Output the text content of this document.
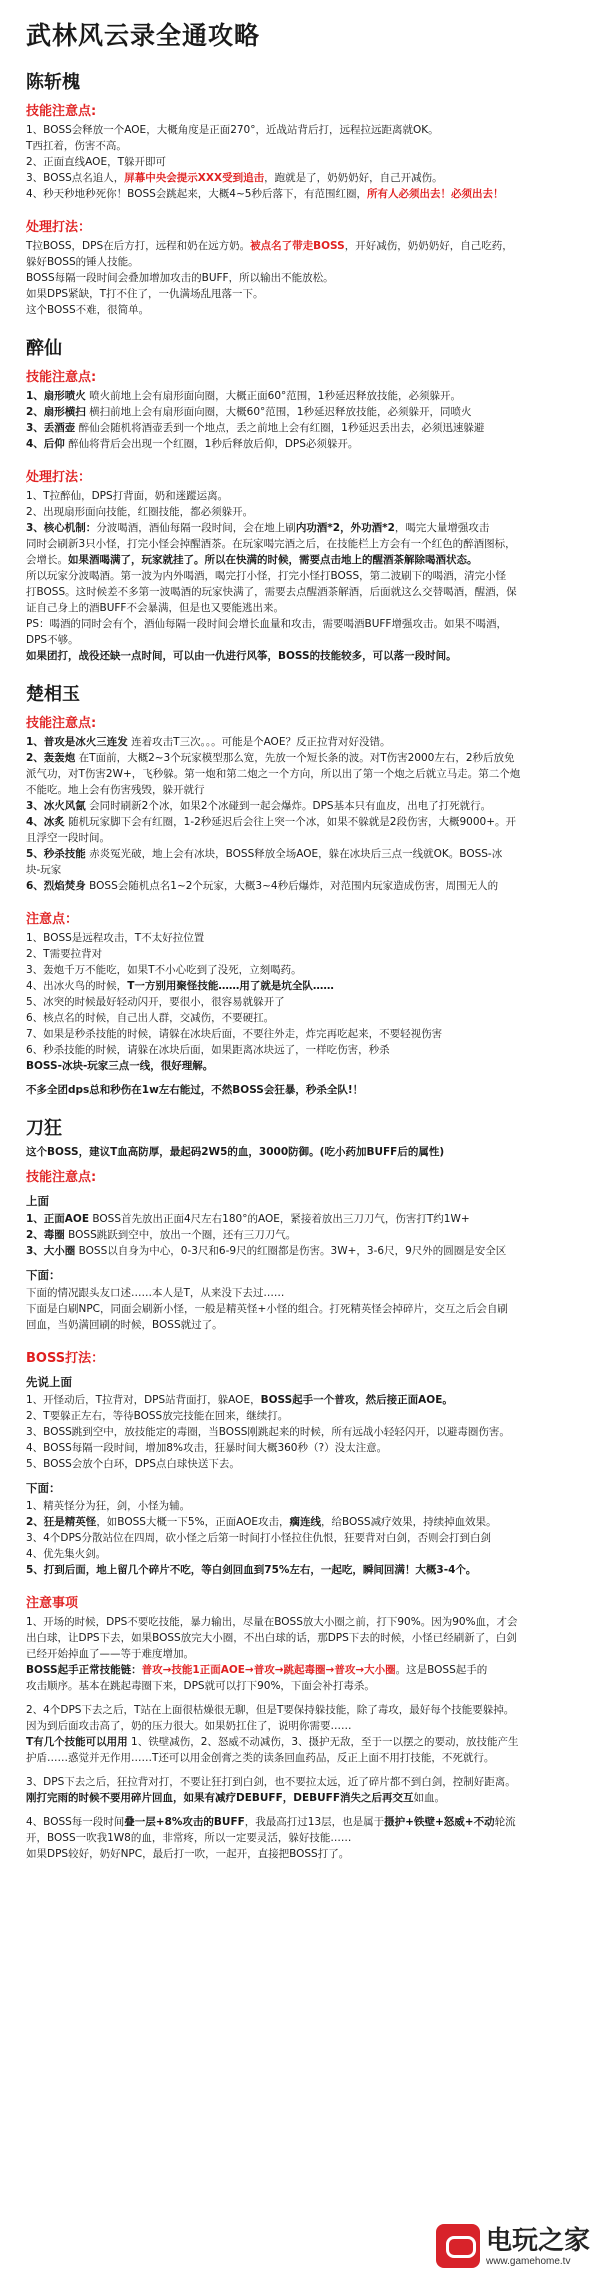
武林风云录全通攻略
陈斩槐
技能注意点:

1、BOSS会释放一个AOE，大概角度是正面270°，近战站背后打，远程拉远距离就OK。

T西扛着，伤害不高。

2、正面直线AOE，T躲开即可

3、BOSS点名追人，屏幕中央会提示XXX受到追击，跑就是了，奶奶奶好，自己开减伤。

4、秒天秒地秒死你！BOSS会跳起来，大概4~5秒后落下，有范围红圈，所有人必须出去！必须出去！

处理打法：

T拉BOSS，DPS在后方打，远程和奶在远方奶。被点名了带走BOSS，开好减伤，奶奶奶好，自己吃药，

躲好BOSS的锤人技能。

BOSS每隔一段时间会叠加增加攻击的BUFF，所以输出不能放松。

如果DPS紧缺，T打不住了，一仇满场乱甩落一下。

这个BOSS不难，很简单。

醉仙
技能注意点:

1、扇形喷火 喷火前地上会有扇形面向圈，大概正面60°范围，1秒延迟释放技能，必须躲开。

2、扇形横扫 横扫前地上会有扇形面向圈，大概60°范围，1秒延迟释放技能，必须躲开，同喷火

3、丢酒壶 醉仙会随机将酒壶丢到一个地点，丢之前地上会有红圈，1秒延迟丢出去，必须迅速躲避

4、后仰 醉仙将背后会出现一个红圈，1秒后释放后仰，DPS必须躲开。

处理打法：

1、T拉醉仙，DPS打背面，奶和迷蹤运离。

2、出现扇形面向技能，红圈技能，都必须躲开。

3、核心机制：分波喝酒，酒仙每隔一段时间，会在地上刷内功酒*2，外功酒*2，喝完大量增强攻击

同时会刷新3只小怪，打完小怪会掉醒酒茶。在玩家喝完酒之后，在技能栏上方会有一个红色的醉酒图标，

会增长。如果酒喝满了，玩家就挂了。所以在快满的时候，需要点击地上的醒酒茶解除喝酒状态。

所以玩家分波喝酒。第一波为内外喝酒，喝完打小怪，打完小怪打BOSS，第二波刷下的喝酒，清完小怪

打BOSS。这时候差不多第一波喝酒的玩家快满了，需要去点醒酒茶解酒，后面就这么交替喝酒，醒酒，保

证自己身上的酒BUFF不会暴满，但是也又要能逃出来。

PS：喝酒的同时会有个，酒仙每隔一段时间会增长血量和攻击，需要喝酒BUFF增强攻击。如果不喝酒，

DPS不够。

如果团打，战役还缺一点时间，可以由一仇进行风筝，BOSS的技能较多，可以落一段时间。

楚相玉
技能注意点:

1、普攻是冰火三连发 连着攻击T三次。。。可能是个AOE？反正拉背对好没错。

2、轰轰炮 在T面前，大概2~3个玩家模型那么宽，先放一个短长条的波。对T伤害2000左右，2秒后放免

派气功，对T伤害2W+，飞秒躲。第一炮和第二炮之一个方向，所以出了第一个炮之后就立马走。第二个炮

不能吃。地上会有伤害残毁，躲开就行

3、冰火风氤 会同时刷新2个冰，如果2个冰碰到一起会爆炸。DPS基本只有血皮，出电了打死就行。

4、冰炙 随机玩家脚下会有红圈，1-2秒延迟后会往上突一个冰，如果不躲就是2段伤害，大概9000+。开

且浮空一段时间。

5、秒杀技能 赤炎冤光破，地上会有冰块，BOSS释放全场AOE，躲在冰块后三点一线就OK。BOSS-冰

块-玩家

6、烈焰焚身 BOSS会随机点名1~2个玩家，大概3~4秒后爆炸，对范围内玩家造成伤害，周围无人的

注意点：

1、BOSS是远程攻击，T不太好拉位置

2、T需要拉背对

3、轰炮千万不能吃，如果T不小心吃到了没死，立刻喝药。

4、出冰火鸟的时候，T一方别用聚怪技能……用了就是坑全队……

5、冰突的时候最好轻动闪开，要很小，很容易就躲开了

6、核点名的时候，自己出人群，交减伤，不要硬扛。

7、如果是秒杀技能的时候，请躲在冰块后面，不要往外走，炸完再吃起来，不要轻视伤害

6、秒杀技能的时候，请躲在冰块后面，如果距离冰块远了，一样吃伤害，秒杀

BOSS-冰块-玩家三点一线，很好理解。

不多全团dps总和秒伤在1w左右能过，不然BOSS会狂暴，秒杀全队!！

刀狂

这个BOSS，建议T血高防厚，最起码2W5的血，3000防御。(吃小药加BUFF后的属性)

技能注意点:
上面

1、正面AOE BOSS首先放出正面4尺左右180°的AOE，紧接着放出三刀刀气，伤害打T约1W+

2、毒圈 BOSS跳跃到空中，放出一个圈，还有三刀刀气。

3、大小圈 BOSS以自身为中心，0-3尺和6-9尺的红圈都是伤害。3W+，3-6尺，9尺外的圆圈是安全区

下面：

下面的情况跟头友口述……本人是T，从来没下去过……

下面是白刷NPC，同面会刷新小怪，一般是精英怪+小怪的组合。打死精英怪会掉碎片，交互之后会自刷

回血，当奶满回刷的时候，BOSS就过了。

BOSS打法：
先说上面

1、开怪动后，T拉背对，DPS站背面打，躲AOE，BOSS起手一个普攻，然后接正面AOE。

2、T要躲正左右，等待BOSS放完技能在回来，继续打。

3、BOSS跳到空中，放技能定的毒圈，当BOSS刚跳起来的时候，所有远战小轻轻闪开，以避毒圈伤害。

4、BOSS每隔一段时间，增加8%攻击，狂暴时间大概360秒（?）没太注意。

5、BOSS会放个白环，DPS点白球快送下去。

下面：

1、精英怪分为狂，剑，小怪为辅。

2、狂是精英怪，如BOSS大概一下5%，正面AOE攻击，瘸连线，给BOSS减疗效果，持续掉血效果。

3、4个DPS分散站位在四周，砍小怪之后第一时间打小怪拉住仇恨，狂要背对白剑，否则会打到白剑

4、优先集火剑。

5、打到后面，地上留几个碎片不吃，等白剑回血到75%左右，一起吃，瞬间回满！大概3-4个。

注意事项

1、开场的时候，DPS不要吃技能，暴力输出，尽量在BOSS放大小圈之前，打下90%。因为90%血，才会

出白球，让DPS下去，如果BOSS放完大小圈，不出白球的话，那DPS下去的时候，小怪已经刷新了，白剑

已经开始掉血了——等于难度增加。

BOSS起手正常技能链：普攻→技能1正面AOE→普攻→跳起毒圈→普攻→大小圈。这是BOSS起手的

攻击顺序。基本在跳起毒圈下来，DPS就可以打下90%，下面会补打毒杀。

2、4个DPS下去之后，T站在上面很枯燥很无聊，但是T要保持躲技能，除了毒攻，最好每个技能要躲掉。

因为到后面攻击高了，奶的压力很大。如果奶扛住了，说明你需要……

T有几个技能可以用用 1、铁壁减伤，2、怒威不动减伤，3、摄护无敌，至于一以摆之的要动，放技能产生

护盾……惑觉并无作用……T还可以用金创膏之类的读条回血药品，反正上面不用打技能，不死就行。

3、DPS下去之后，狂拉背对打，不要让狂打到白剑，也不要拉太远，近了碎片都不到白剑，控制好距离。

刚打完雨的时候不要用碎片回血，如果有减疗DEBUFF，DEBUFF消失之后再交互如血。

4、BOSS每一段时间叠一层+8%攻击的BUFF，我最高打过13层，也是属于摄护+铁壁+怒威+不动轮流

开，BOSS一吹我1W8的血，非常疼，所以一定要灵活，躲好技能……

如果DPS较好，奶好NPC，最后打一吹，一起开，直接把BOSS打了。

电玩之家
www.gamehome.tv
